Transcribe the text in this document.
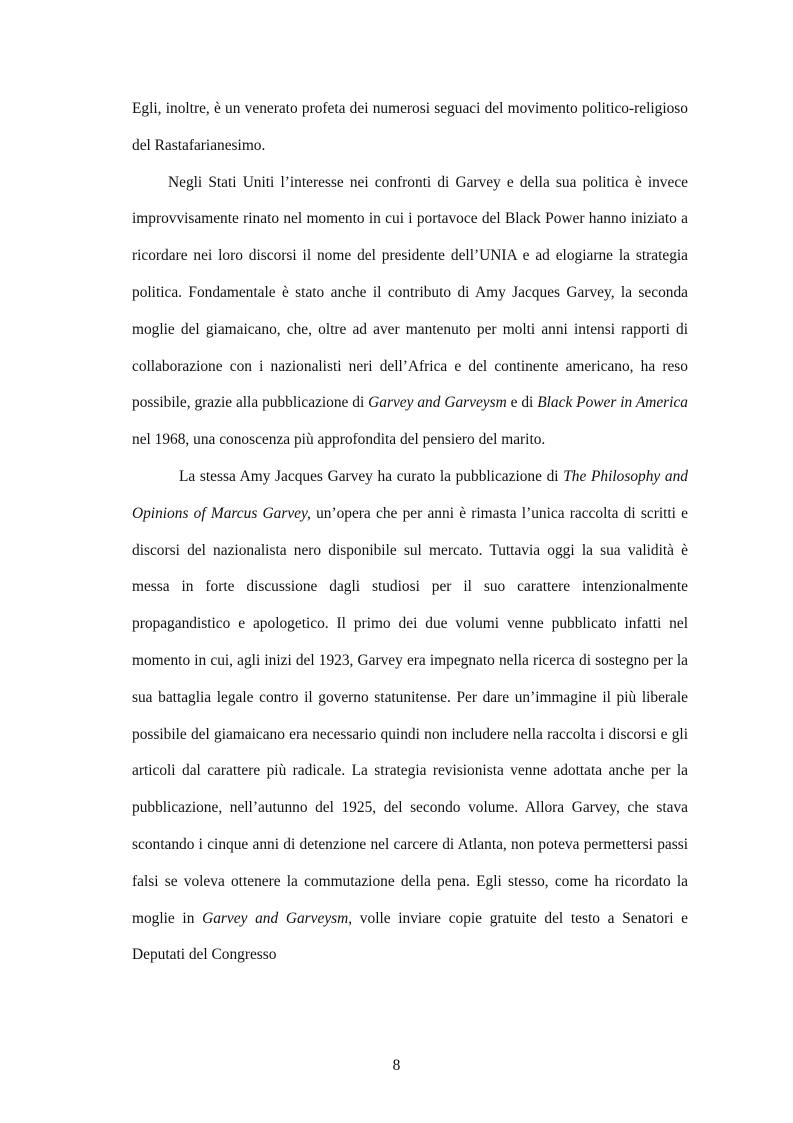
Egli, inoltre, è un venerato profeta dei numerosi seguaci del movimento politico-religioso del Rastafarianesimo.

Negli Stati Uniti l’interesse nei confronti di Garvey e della sua politica è invece improvvisamente rinato nel momento in cui i portavoce del Black Power hanno iniziato a ricordare nei loro discorsi il nome del presidente dell’UNIA e ad elogiarne la strategia politica. Fondamentale è stato anche il contributo di Amy Jacques Garvey, la seconda moglie del giamaicano, che, oltre ad aver mantenuto per molti anni intensi rapporti di collaborazione con i nazionalisti neri dell’Africa e del continente americano, ha reso possibile, grazie alla pubblicazione di Garvey and Garveysm e di Black Power in America nel 1968, una conoscenza più approfondita del pensiero del marito.

La stessa Amy Jacques Garvey ha curato la pubblicazione di The Philosophy and Opinions of Marcus Garvey, un’opera che per anni è rimasta l’unica raccolta di scritti e discorsi del nazionalista nero disponibile sul mercato. Tuttavia oggi la sua validità è messa in forte discussione dagli studiosi per il suo carattere intenzionalmente propagandistico e apologetico. Il primo dei due volumi venne pubblicato infatti nel momento in cui, agli inizi del 1923, Garvey era impegnato nella ricerca di sostegno per la sua battaglia legale contro il governo statunitense. Per dare un’immagine il più liberale possibile del giamaicano era necessario quindi non includere nella raccolta i discorsi e gli articoli dal carattere più radicale. La strategia revisionista venne adottata anche per la pubblicazione, nell’autunno del 1925, del secondo volume. Allora Garvey, che stava scontando i cinque anni di detenzione nel carcere di Atlanta, non poteva permettersi passi falsi se voleva ottenere la commutazione della pena. Egli stesso, come ha ricordato la moglie in Garvey and Garveysm, volle inviare copie gratuite del testo a Senatori e Deputati del Congresso

8
